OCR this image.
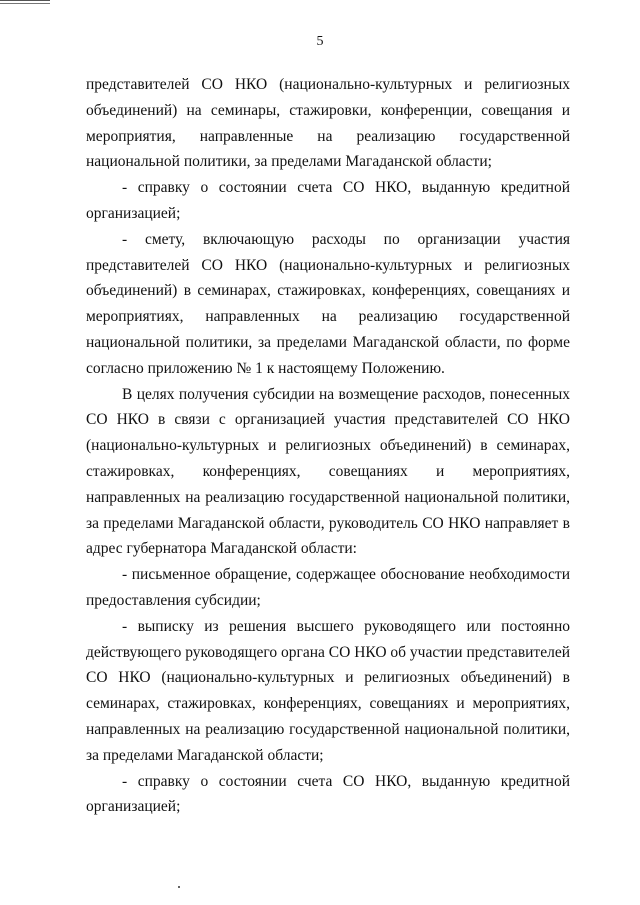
5

представителей СО НКО (национально-культурных и религиозных объединений) на семинары, стажировки, конференции, совещания и мероприятия, направленные на реализацию государственной национальной политики, за пределами Магаданской области;

- справку о состоянии счета СО НКО, выданную кредитной организацией;

- смету, включающую расходы по организации участия представителей СО НКО (национально-культурных и религиозных объединений) в семинарах, стажировках, конференциях, совещаниях и мероприятиях, направленных на реализацию государственной национальной политики, за пределами Магаданской области, по форме согласно приложению № 1 к настоящему Положению.

В целях получения субсидии на возмещение расходов, понесенных СО НКО в связи с организацией участия представителей СО НКО (национально-культурных и религиозных объединений) в семинарах, стажировках, конференциях, совещаниях и мероприятиях, направленных на реализацию государственной национальной политики, за пределами Магаданской области, руководитель СО НКО направляет в адрес губернатора Магаданской области:

- письменное обращение, содержащее обоснование необходимости предоставления субсидии;

- выписку из решения высшего руководящего или постоянно действующего руководящего органа СО НКО об участии представителей СО НКО (национально-культурных и религиозных объединений) в семинарах, стажировках, конференциях, совещаниях и мероприятиях, направленных на реализацию государственной национальной политики, за пределами Магаданской области;

- справку о состоянии счета СО НКО, выданную кредитной организацией;
